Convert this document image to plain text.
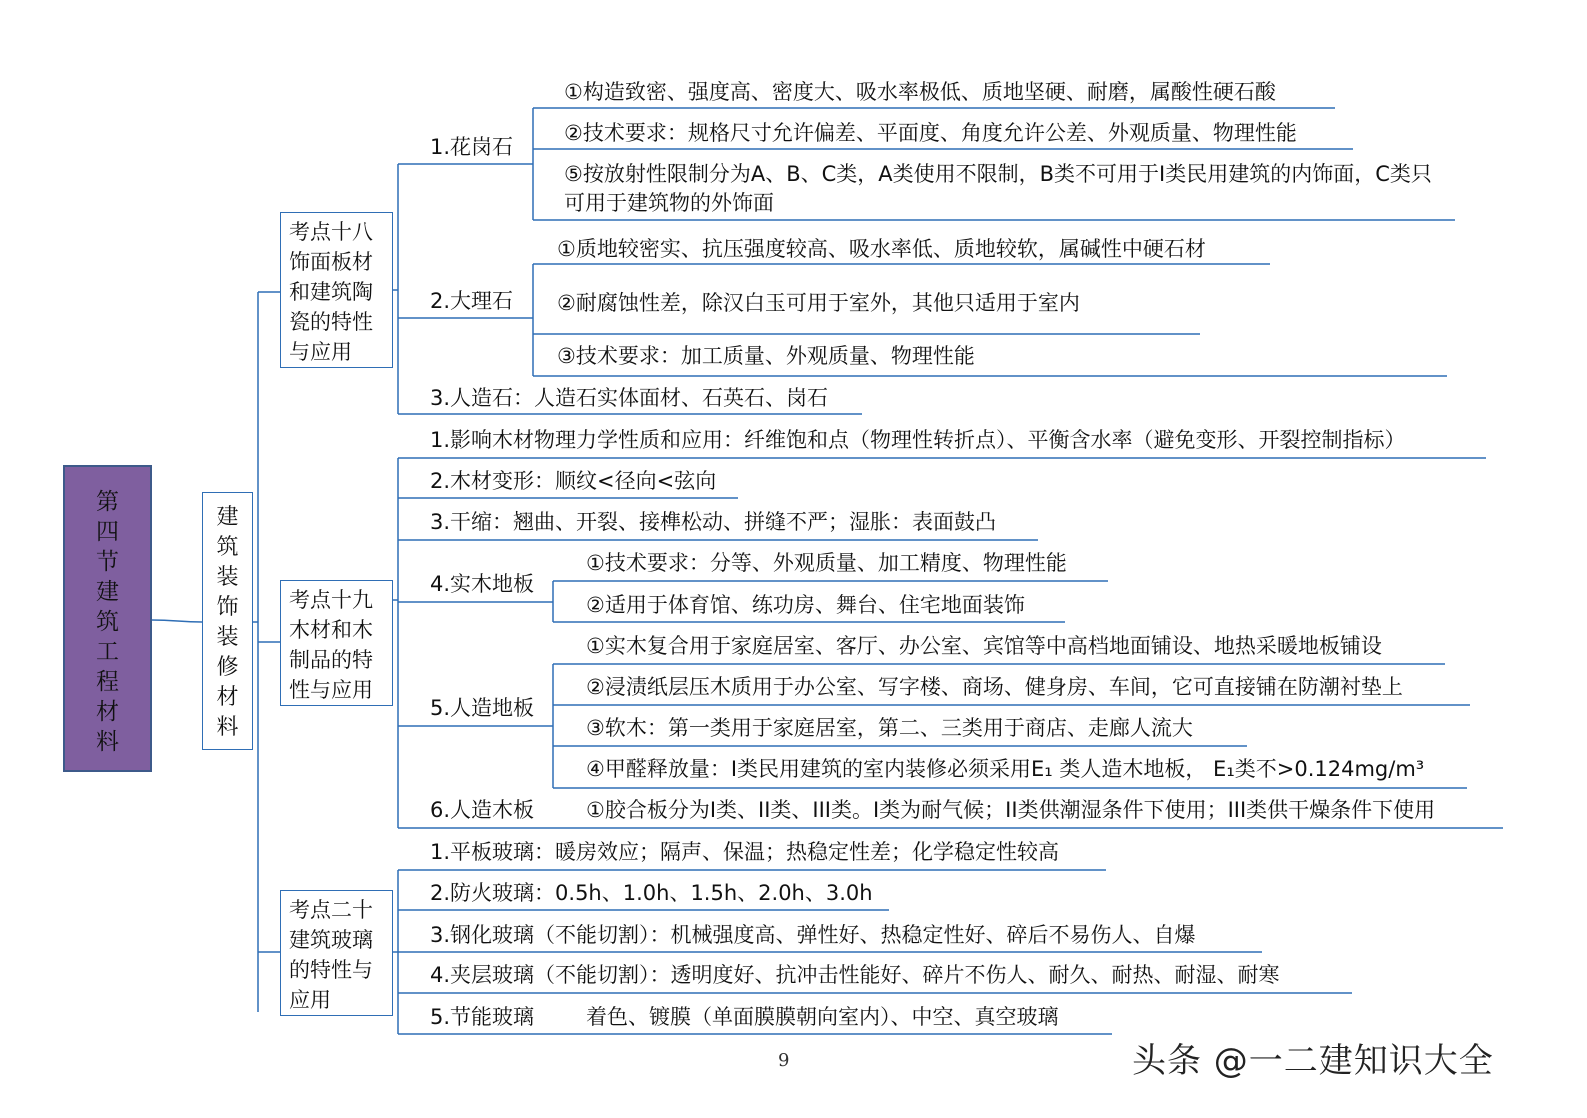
第四节建筑工程材料
建筑装饰装修材料
考点十八饰面板材和建筑陶瓷的特性与应用
考点十九木材和木制品的特性与应用
考点二十建筑玻璃的特性与应用
1.花岗石
①构造致密、强度高、密度大、吸水率极低、质地坚硬、耐磨，属酸性硬石酸
②技术要求：规格尺寸允许偏差、平面度、角度允许公差、外观质量、物理性能
⑤按放射性限制分为A、B、C类，A类使用不限制，B类不可用于I类民用建筑的内饰面，C类只可用于建筑物的外饰面
2.大理石
①质地较密实、抗压强度较高、吸水率低、质地较软，属碱性中硬石材
②耐腐蚀性差，除汉白玉可用于室外，其他只适用于室内
③技术要求：加工质量、外观质量、物理性能
3.人造石：人造石实体面材、石英石、岗石
1.影响木材物理力学性质和应用：纤维饱和点（物理性转折点）、平衡含水率（避免变形、开裂控制指标）
2.木材变形：顺纹<径向<弦向
3.干缩：翘曲、开裂、接榫松动、拼缝不严；湿胀：表面鼓凸
4.实木地板
①技术要求：分等、外观质量、加工精度、物理性能
②适用于体育馆、练功房、舞台、住宅地面装饰
5.人造地板
①实木复合用于家庭居室、客厅、办公室、宾馆等中高档地面铺设、地热采暖地板铺设
②浸渍纸层压木质用于办公室、写字楼、商场、健身房、车间，它可直接铺在防潮衬垫上
③软木：第一类用于家庭居室，第二、三类用于商店、走廊人流大
④甲醛释放量：I类民用建筑的室内装修必须采用E₁ 类人造木地板， E₁类不>0.124mg/m³
6.人造木板 ①胶合板分为I类、II类、III类。I类为耐气候；II类供潮湿条件下使用；III类供干燥条件下使用
1.平板玻璃：暖房效应；隔声、保温；热稳定性差；化学稳定性较高
2.防火玻璃：0.5h、1.0h、1.5h、2.0h、3.0h
3.钢化玻璃（不能切割）：机械强度高、弹性好、热稳定性好、碎后不易伤人、自爆
4.夹层玻璃（不能切割）：透明度好、抗冲击性能好、碎片不伤人、耐久、耐热、耐湿、耐寒
5.节能玻璃 着色、镀膜（单面膜膜朝向室内）、中空、真空玻璃
9	头条 @一二建知识大全
